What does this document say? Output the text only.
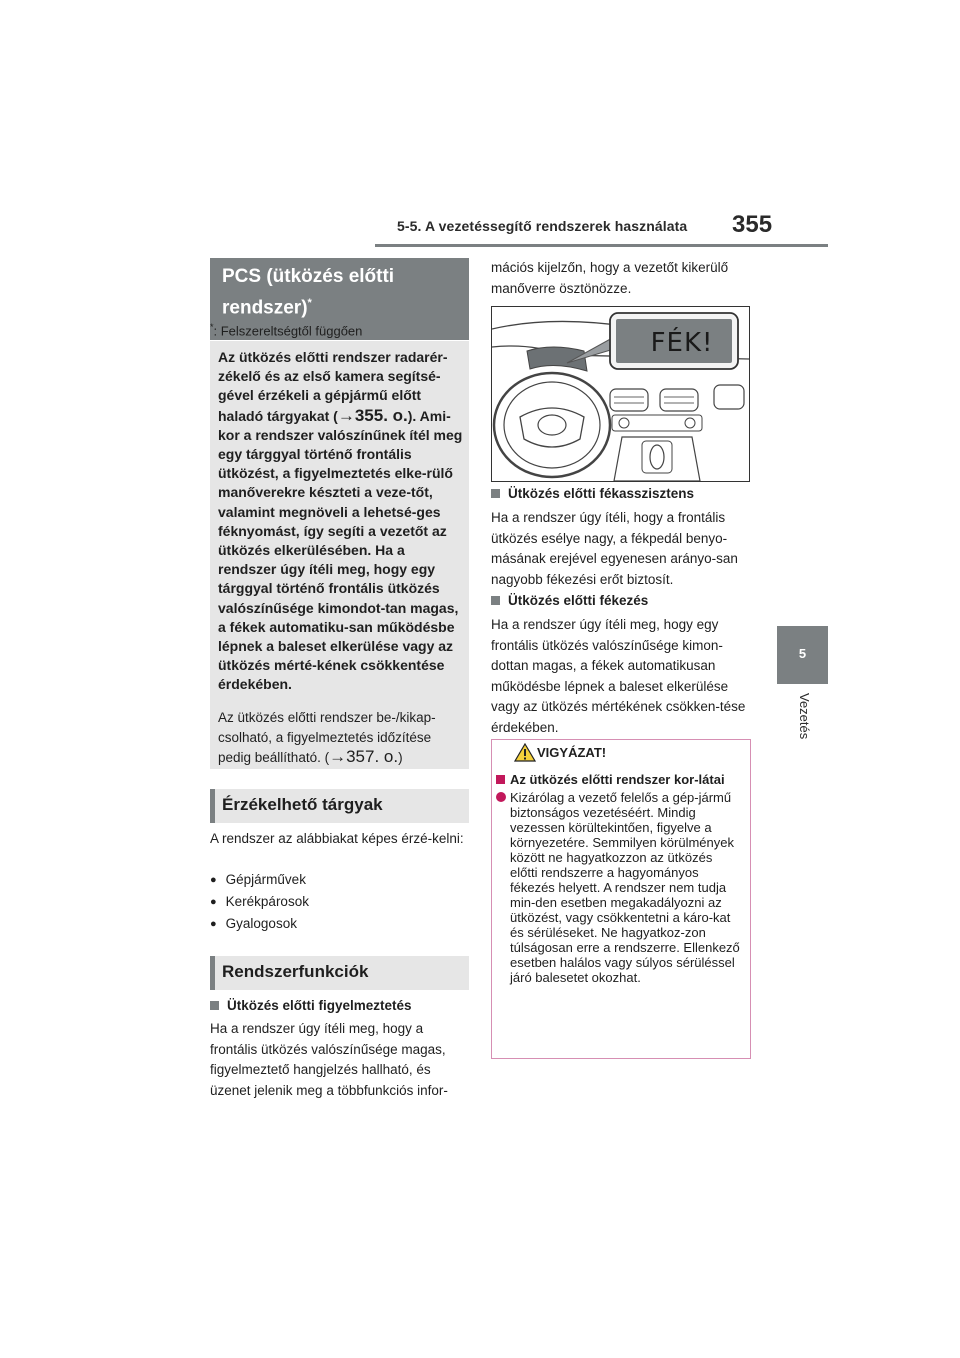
5-5. A vezetéssegítő rendszerek használata 355
5
Vezetés
PCS (ütközés előtti
rendszer)*
*: Felszereltségtől függően
Az ütközés előtti rendszer radarér-zékelő és az első kamera segítsé-gével érzékeli a gépjármű előtt haladó tárgyakat (→355. o.). Ami-kor a rendszer valószínűnek ítél meg egy tárggyal történő frontális ütközést, a figyelmeztetés elke-rülő manőverekre készteti a veze-tőt, valamint megnöveli a lehetsé-ges féknyomást, így segíti a vezetőt az ütközés elkerülésében. Ha a rendszer úgy ítéli meg, hogy egy tárggyal történő frontális ütközés valószínűsége kimondot-tan magas, a fékek automatiku-san működésbe lépnek a baleset elkerülése vagy az ütközés mérté-kének csökkentése érdekében.
Az ütközés előtti rendszer be-/kikap-csolható, a figyelmeztetés időzítése pedig beállítható. (→357. o.)
Érzékelhető tárgyak
A rendszer az alábbiakat képes érzé-kelni:
● Gépjárművek
● Kerékpárosok
● Gyalogosok
Rendszerfunkciók
Ütközés előtti figyelmeztetés
Ha a rendszer úgy ítéli meg, hogy a frontális ütközés valószínűsége magas, figyelmeztető hangjelzés hallható, és üzenet jelenik meg a többfunkciós infor-
mációs kijelzőn, hogy a vezetőt kikerülő manőverre ösztönözze.
FÉK!
Ütközés előtti fékasszisztens
Ha a rendszer úgy ítéli, hogy a frontális ütközés esélye nagy, a fékpedál benyo-másának erejével egyenesen arányo-san nagyobb fékezési erőt biztosít.
Ütközés előtti fékezés
Ha a rendszer úgy ítéli meg, hogy egy frontális ütközés valószínűsége kimon-dottan magas, a fékek automatikusan működésbe lépnek a baleset elkerülése vagy az ütközés mértékének csökken-tése érdekében.
VIGYÁZAT!
Az ütközés előtti rendszer kor-látai
Kizárólag a vezető felelős a gép-jármű biztonságos vezetéséért. Mindig vezessen körültekintően, figyelve a környezetére. Semmilyen körülmények között ne hagyatkozzon az ütközés előtti rendszerre a hagyományos fékezés helyett. A rendszer nem tudja min-den esetben megakadályozni az ütközést, vagy csökkentetni a káro-kat és sérüléseket. Ne hagyatkoz-zon túlságosan erre a rendszerre. Ellenkező esetben halálos vagy súlyos sérüléssel járó balesetet okozhat.
